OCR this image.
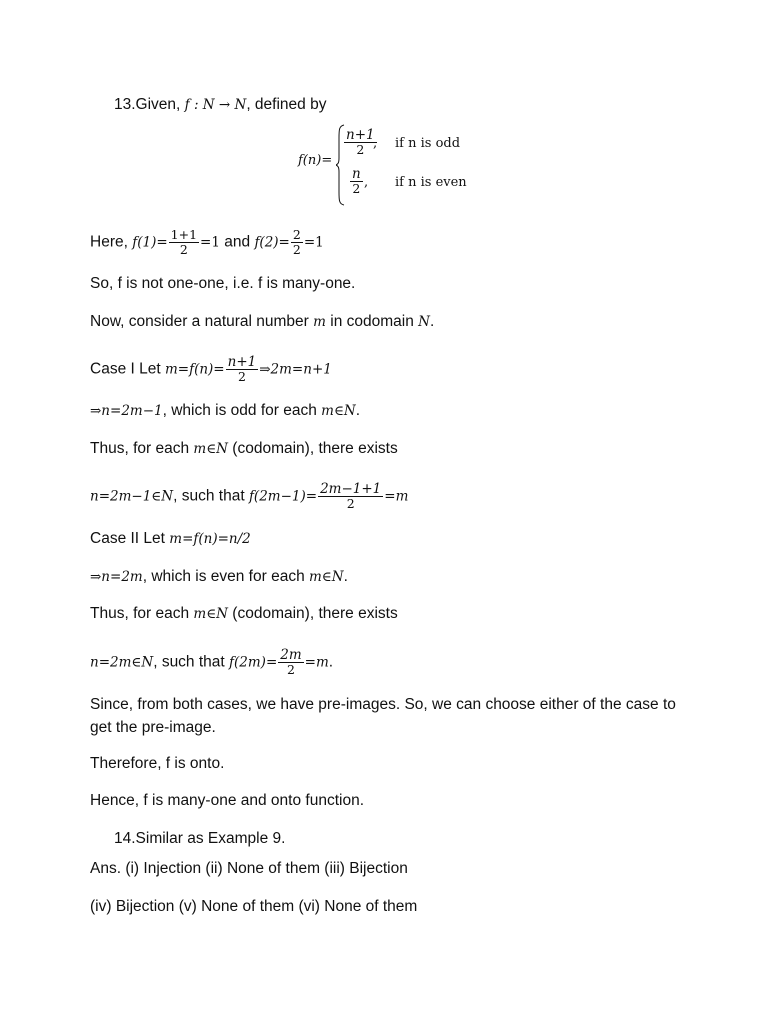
13.Given, f : N → N, defined by
f(n)=
$\frac{n+1}{2}$
, if n is odd
$\frac{n}{2}$ , if n is even
Here, $f(1)= \frac{1+1}{2} =1$ and $f(2)= \frac{2}{2} =1$
So, f is not one-one, i.e. f is many-one.
Now, consider a natural number m in codomain N.
Case I Let $m=f(n)= \frac{n+1}{2}$ ⇒2m=n+1
⇒n=2m−1, which is odd for each m∈N.
Thus, for each m∈N (codomain), there exists
n=2m−1∈N, such that $f(2m-1)= \frac{2m-1+1}{2} =m$
Case II Let m=f(n)=n/2
⇒n=2m, which is even for each m∈N.
Thus, for each m∈N (codomain), there exists
n=2m∈N, such that $f(2m)= \frac{2m}{2} =m$.
Since, from both cases, we have pre-images. So, we can choose either of the case to get the pre-image.
Therefore, f is onto.
Hence, f is many-one and onto function.
14.Similar as Example 9.
Ans. (i) Injection (ii) None of them (iii) Bijection
(iv) Bijection (v) None of them (vi) None of them
